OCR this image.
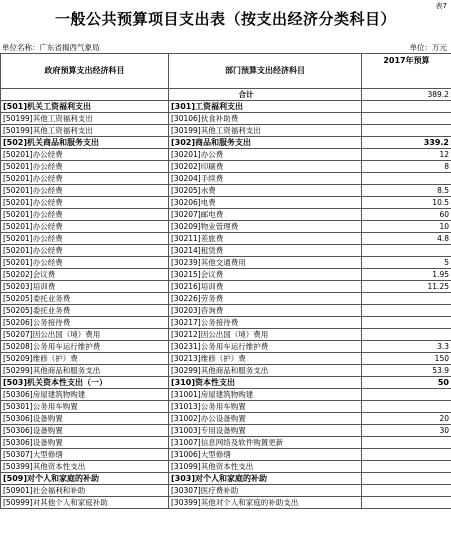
表7
一般公共预算项目支出表（按支出经济分类科目）
单位名称：广东省揭西气象局	单位：万元
政府预算支出经济科目	部门预算支出经济科目	2017年预算
	合计	389.2
[501]机关工资福利支出	[301]工资福利支出	
[50199]其他工资福利支出	[30106]伙食补助费	
[50199]其他工资福利支出	[30199]其他工资福利支出	
[502]机关商品和服务支出	[302]商品和服务支出	339.2
[50201]办公经费	[30201]办公费	12
[50201]办公经费	[30202]印刷费	8
[50201]办公经费	[30204]手续费	
[50201]办公经费	[30205]水费	8.5
[50201]办公经费	[30206]电费	10.5
[50201]办公经费	[30207]邮电费	60
[50201]办公经费	[30209]物业管理费	10
[50201]办公经费	[30211]差旅费	4.8
[50201]办公经费	[30214]租赁费	
[50201]办公经费	[30239]其他交通费用	5
[50202]会议费	[30215]会议费	1.95
[50203]培训费	[30216]培训费	11.25
[50205]委托业务费	[30226]劳务费	
[50205]委托业务费	[30203]咨询费	
[50206]公务接待费	[30217]公务接待费	
[50207]因公出国（境）费用	[30212]因公出国（境）费用	
[50208]公务用车运行维护费	[30231]公务用车运行维护费	3.3
[50209]维修（护）费	[30213]维修（护）费	150
[50299]其他商品和服务支出	[30299]其他商品和服务支出	53.9
[503]机关资本性支出（一）	[310]资本性支出	50
[50306]房屋建筑物购建	[31001]房屋建筑物购建	
[50301]公务用车购置	[31013]公务用车购置	
[50306]设备购置	[31002]办公设备购置	20
[50306]设备购置	[31003]专用设备购置	30
[50306]设备购置	[31007]信息网络及软件购置更新	
[50307]大型修缮	[31006]大型修缮	
[50399]其他资本性支出	[31099]其他资本性支出	
[509]对个人和家庭的补助	[303]对个人和家庭的补助	
[50901]社会福利和补助	[30307]医疗费补助	
[50999]对其他个人和家庭补助	[30399]其他对个人和家庭的补助支出	
